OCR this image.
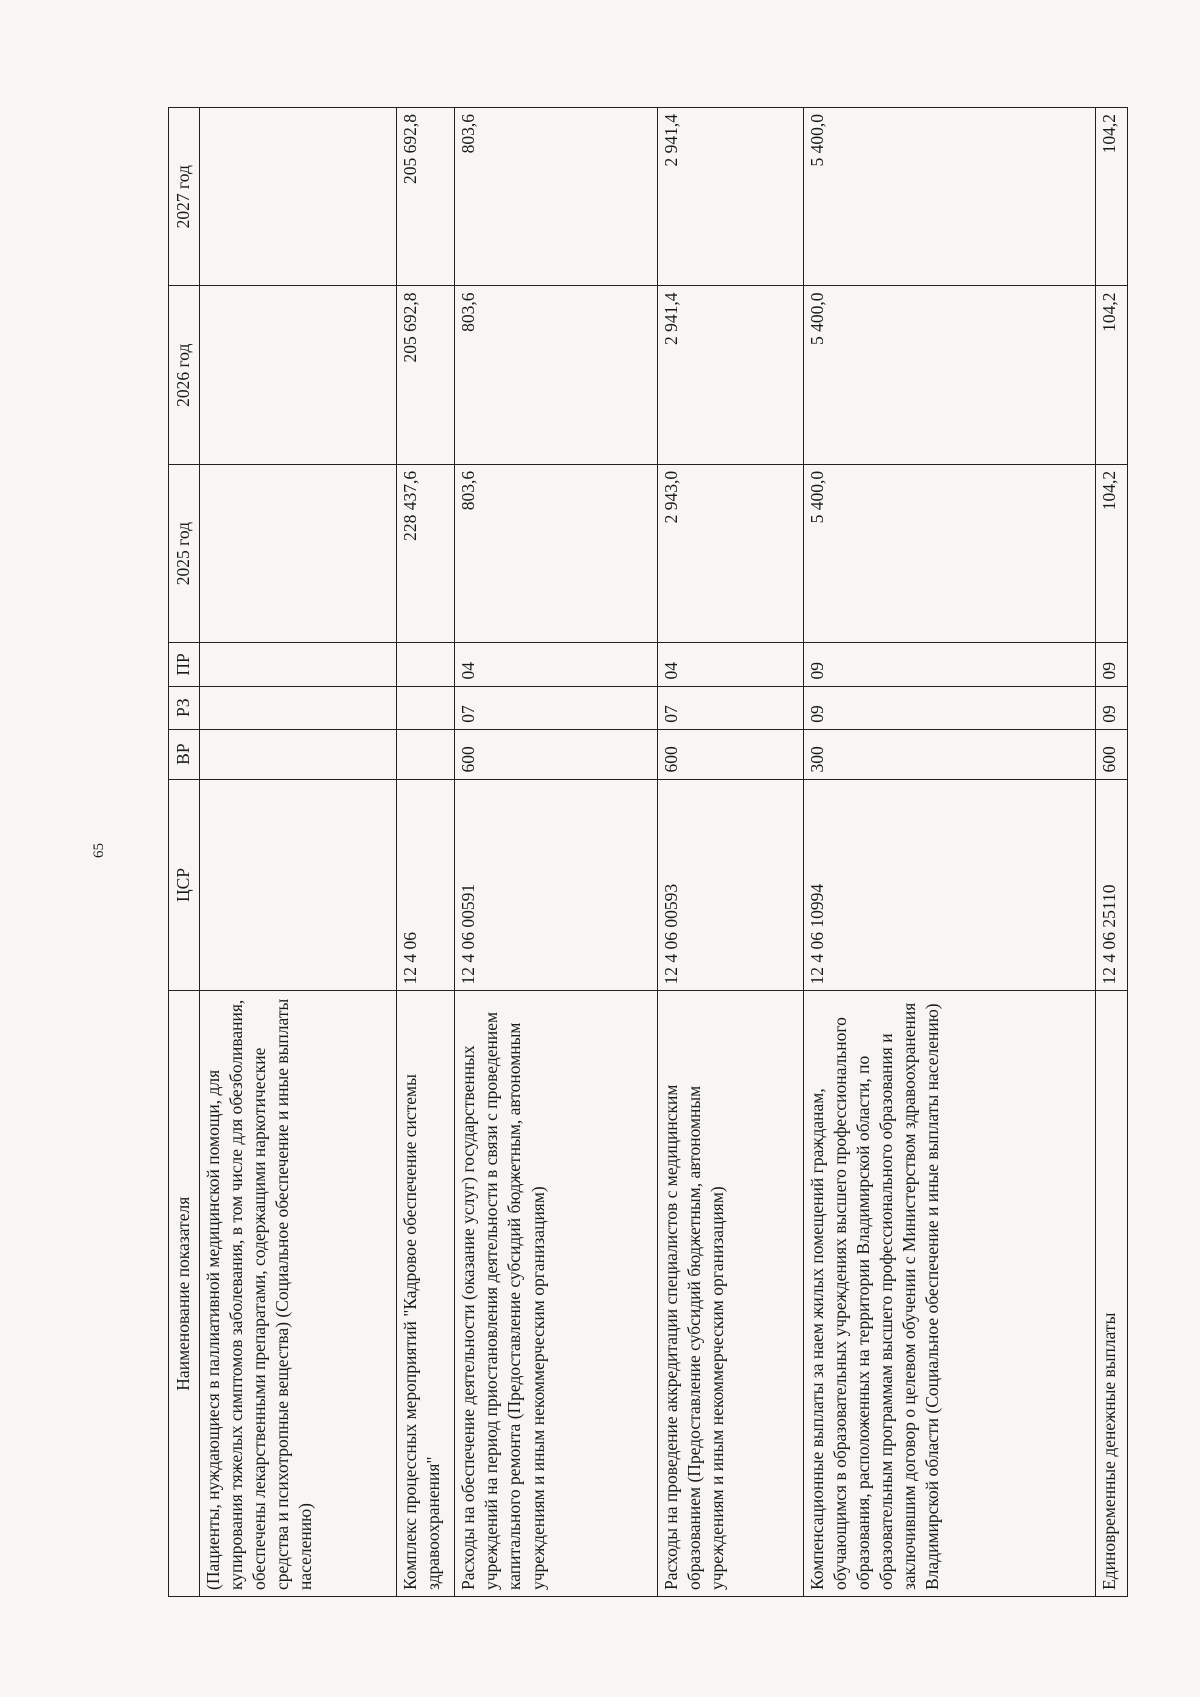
65
Наименование показателя	ЦСР	ВР	РЗ	ПР	2025 год	2026 год	2027 год
(Пациенты, нуждающиеся в паллиативной медицинской помощи, для купирования тяжелых симптомов заболевания, в том числе для обезболивания, обеспечены лекарственными препаратами, содержащими наркотические средства и психотропные вещества) (Социальное обеспечение и иные выплаты населению)							
Комплекс процессных мероприятий "Кадровое обеспечение системы здравоохранения"	12 4 06				228 437,6	205 692,8	205 692,8
Расходы на обеспечение деятельности (оказание услуг) государственных учреждений на период приостановления деятельности в связи с проведением капитального ремонта (Предоставление субсидий бюджетным, автономным учреждениям и иным некоммерческим организациям)	12 4 06 00591	600	07	04	803,6	803,6	803,6
Расходы на проведение аккредитации специалистов с медицинским образованием (Предоставление субсидий бюджетным, автономным учреждениям и иным некоммерческим организациям)	12 4 06 00593	600	07	04	2 943,0	2 941,4	2 941,4
Компенсационные выплаты за наем жилых помещений гражданам, обучающимся в образовательных учреждениях высшего профессионального образования, расположенных на территории Владимирской области, по образовательным программам высшего профессионального образования и заключившим договор о целевом обучении с Министерством здравоохранения Владимирской области (Социальное обеспечение и иные выплаты населению)	12 4 06 10994	300	09	09	5 400,0	5 400,0	5 400,0
Единовременные денежные выплаты	12 4 06 25110	600	09	09	104,2	104,2	104,2
